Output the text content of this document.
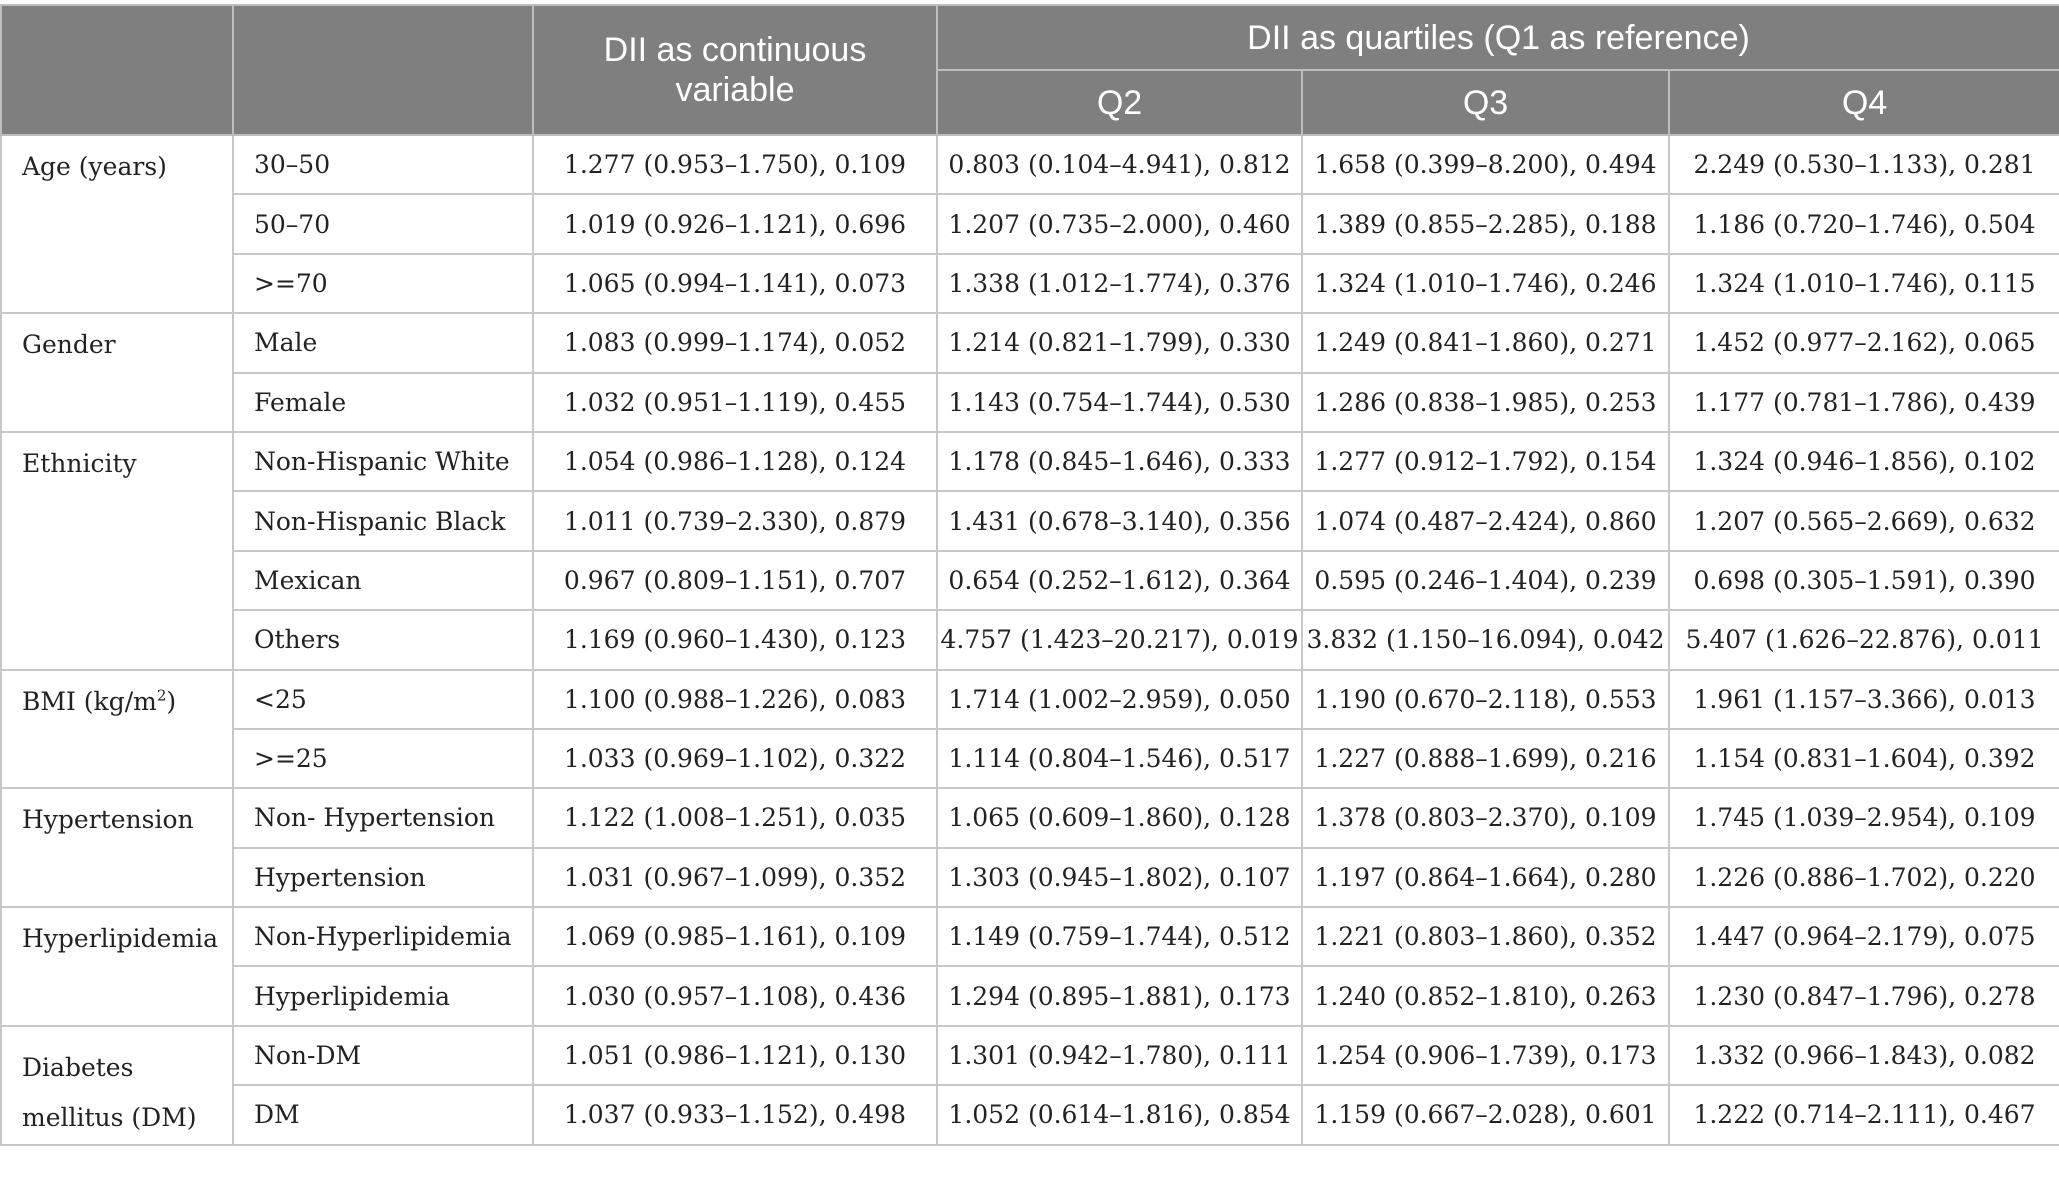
		DII as continuous variable	DII as quartiles (Q1 as reference)		
			Q2	Q3	Q4
Age (years)	30–50	1.277 (0.953–1.750), 0.109	0.803 (0.104–4.941), 0.812	1.658 (0.399–8.200), 0.494	2.249 (0.530–1.133), 0.281
	50–70	1.019 (0.926–1.121), 0.696	1.207 (0.735–2.000), 0.460	1.389 (0.855–2.285), 0.188	1.186 (0.720–1.746), 0.504
	>=70	1.065 (0.994–1.141), 0.073	1.338 (1.012–1.774), 0.376	1.324 (1.010–1.746), 0.246	1.324 (1.010–1.746), 0.115
Gender	Male	1.083 (0.999–1.174), 0.052	1.214 (0.821–1.799), 0.330	1.249 (0.841–1.860), 0.271	1.452 (0.977–2.162), 0.065
	Female	1.032 (0.951–1.119), 0.455	1.143 (0.754–1.744), 0.530	1.286 (0.838–1.985), 0.253	1.177 (0.781–1.786), 0.439
Ethnicity	Non-Hispanic White	1.054 (0.986–1.128), 0.124	1.178 (0.845–1.646), 0.333	1.277 (0.912–1.792), 0.154	1.324 (0.946–1.856), 0.102
	Non-Hispanic Black	1.011 (0.739–2.330), 0.879	1.431 (0.678–3.140), 0.356	1.074 (0.487–2.424), 0.860	1.207 (0.565–2.669), 0.632
	Mexican	0.967 (0.809–1.151), 0.707	0.654 (0.252–1.612), 0.364	0.595 (0.246–1.404), 0.239	0.698 (0.305–1.591), 0.390
	Others	1.169 (0.960–1.430), 0.123	4.757 (1.423–20.217), 0.019	3.832 (1.150–16.094), 0.042	5.407 (1.626–22.876), 0.011
BMI $(kg/m^2)$	<25	1.100 (0.988–1.226), 0.083	1.714 (1.002–2.959), 0.050	1.190 (0.670–2.118), 0.553	1.961 (1.157–3.366), 0.013
	>=25	1.033 (0.969–1.102), 0.322	1.114 (0.804–1.546), 0.517	1.227 (0.888–1.699), 0.216	1.154 (0.831–1.604), 0.392
Hypertension	Non- Hypertension	1.122 (1.008–1.251), 0.035	1.065 (0.609–1.860), 0.128	1.378 (0.803–2.370), 0.109	1.745 (1.039–2.954), 0.109
	Hypertension	1.031 (0.967–1.099), 0.352	1.303 (0.945–1.802), 0.107	1.197 (0.864–1.664), 0.280	1.226 (0.886–1.702), 0.220
Hyperlipidemia	Non-Hyperlipidemia	1.069 (0.985–1.161), 0.109	1.149 (0.759–1.744), 0.512	1.221 (0.803–1.860), 0.352	1.447 (0.964–2.179), 0.075
	Hyperlipidemia	1.030 (0.957–1.108), 0.436	1.294 (0.895–1.881), 0.173	1.240 (0.852–1.810), 0.263	1.230 (0.847–1.796), 0.278
Diabetes mellitus (DM)	Non-DM	1.051 (0.986–1.121), 0.130	1.301 (0.942–1.780), 0.111	1.254 (0.906–1.739), 0.173	1.332 (0.966–1.843), 0.082
	DM	1.037 (0.933–1.152), 0.498	1.052 (0.614–1.816), 0.854	1.159 (0.667–2.028), 0.601	1.222 (0.714–2.111), 0.467
